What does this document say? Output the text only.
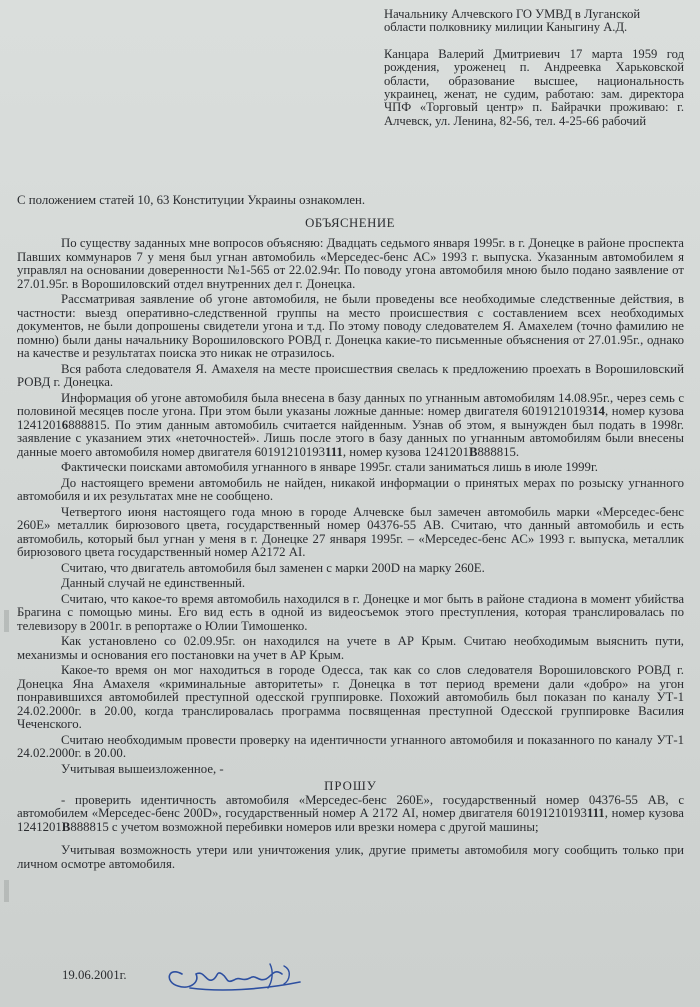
Начальнику Алчевского ГО УМВД в Луганской области полковнику милиции Каныгину А.Д.

Канцара Валерий Дмитриевич 17 марта 1959 год рождения, уроженец п. Андреевка Харьковской области, образование высшее, национальность украинец, женат, не судим, работаю: зам. директора ЧПФ «Торговый центр» п. Байрачки проживаю: г. Алчевск, ул. Ленина, 82-56, тел. 4-25-66 рабочий

С положением статей 10, 63 Конституции Украины ознакомлен.
ОБЪЯСНЕНИЕ

По существу заданных мне вопросов объясняю: Двадцать седьмого января 1995г. в г. Донецке в районе проспекта Павших коммунаров 7 у меня был угнан автомобиль «Мерседес-бенс АС» 1993 г. выпуска. Указанным автомобилем я управлял на основании доверенности №1-565 от 22.02.94г. По поводу угона автомобиля мною было подано заявление от 27.01.95г. в Ворошиловский отдел внутренних дел г. Донецка.

Рассматривая заявление об угоне автомобиля, не были проведены все необходимые следственные действия, в частности: выезд оперативно-следственной группы на место происшествия с составлением всех необходимых документов, не были допрошены свидетели угона и т.д. По этому поводу следователем Я. Амахелем (точно фамилию не помню) были даны начальнику Ворошиловского РОВД г. Донецка какие-то письменные объяснения от 27.01.95г., однако на качестве и результатах поиска это никак не отразилось.

Вся работа следователя Я. Амахеля на месте происшествия свелась к предложению проехать в Ворошиловский РОВД г. Донецка.

Информация об угоне автомобиля была внесена в базу данных по угнанным автомобилям 14.08.95г., через семь с половиной месяцев после угона. При этом были указаны ложные данные: номер двигателя 6019121019314, номер кузова 12412016888815. По этим данным автомобиль считается найденным. Узнав об этом, я вынужден был подать в 1998г. заявление с указанием этих «неточностей». Лишь после этого в базу данных по угнанным автомобилям были внесены данные моего автомобиля номер двигателя 60191210193111, номер кузова 1241201В888815.

Фактически поисками автомобиля угнанного в январе 1995г. стали заниматься лишь в июле 1999г.

До настоящего времени автомобиль не найден, никакой информации о принятых мерах по розыску угнанного автомобиля и их результатах мне не сообщено.

Четвертого июня настоящего года мною в городе Алчевске был замечен автомобиль марки «Мерседес-бенс 260Е» металлик бирюзового цвета, государственный номер 04376-55 АВ. Считаю, что данный автомобиль и есть автомобиль, который был угнан у меня в г. Донецке 27 января 1995г. – «Мерседес-бенс АС» 1993 г. выпуска, металлик бирюзового цвета государственный номер А2172 AI.

Считаю, что двигатель автомобиля был заменен с марки 200D на марку 260Е.

Данный случай не единственный.

Считаю, что какое-то время автомобиль находился в г. Донецке и мог быть в районе стадиона в момент убийства Брагина с помощью мины. Его вид есть в одной из видеосъемок этого преступления, которая транслировалась по телевизору в 2001г. в репортаже о Юлии Тимошенко.

Как установлено со 02.09.95г. он находился на учете в АР Крым. Считаю необходимым выяснить пути, механизмы и основания его постановки на учет в АР Крым.

Какое-то время он мог находиться в городе Одесса, так как со слов следователя Ворошиловского РОВД г. Донецка Яна Амахеля «криминальные авторитеты» г. Донецка в тот период времени дали «добро» на угон понравившихся автомобилей преступной одесской группировке. Похожий автомобиль был показан по каналу УТ-1 24.02.2000г. в 20.00, когда транслировалась программа посвященная преступной Одесской группировке Василия Чеченского.

Считаю необходимым провести проверку на идентичности угнанного автомобиля и показанного по каналу УТ-1 24.02.2000г. в 20.00.

Учитывая вышеизложенное, -

ПРОШУ

- проверить идентичность автомобиля «Мерседес-бенс 260Е», государственный номер 04376-55 АВ, с автомобилем «Мерседес-бенс 200D», государственный номер А 2172 AI, номер двигателя 60191210193111, номер кузова 1241201В888815 с учетом возможной перебивки номеров или врезки номера с другой машины;

Учитывая возможность утери или уничтожения улик, другие приметы автомобиля могу сообщить только при личном осмотре автомобиля.

19.06.2001г.
